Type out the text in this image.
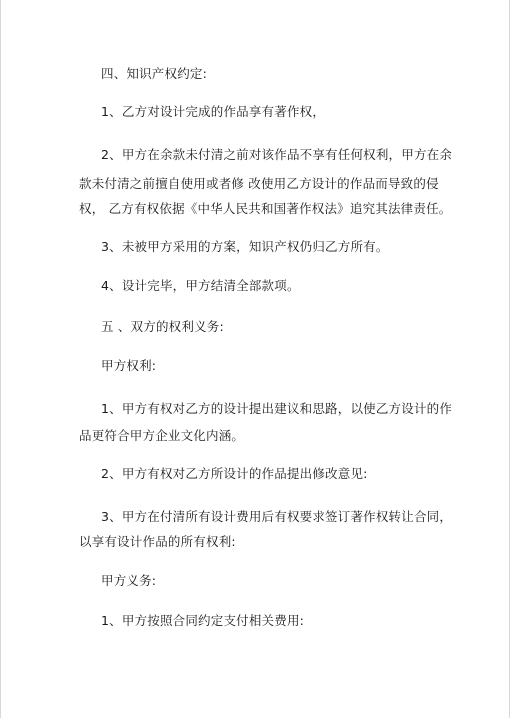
四、知识产权约定:

1、乙方对设计完成的作品享有著作权，

2、甲方在余款未付清之前对该作品不享有任何权利，甲方在余

款未付清之前擅自使用或者修 改使用乙方设计的作品而导致的侵

权， 乙方有权依据《中华人民共和国著作权法》追究其法律责任。

3、未被甲方采用的方案，知识产权仍归乙方所有。

4、设计完毕，甲方结清全部款项。

五 、双方的权利义务:

甲方权利:

1、甲方有权对乙方的设计提出建议和思路，以使乙方设计的作

品更符合甲方企业文化内涵。

2、甲方有权对乙方所设计的作品提出修改意见:

3、甲方在付清所有设计费用后有权要求签订著作权转让合同，

以享有设计作品的所有权利:

甲方义务:

1、甲方按照合同约定支付相关费用:
